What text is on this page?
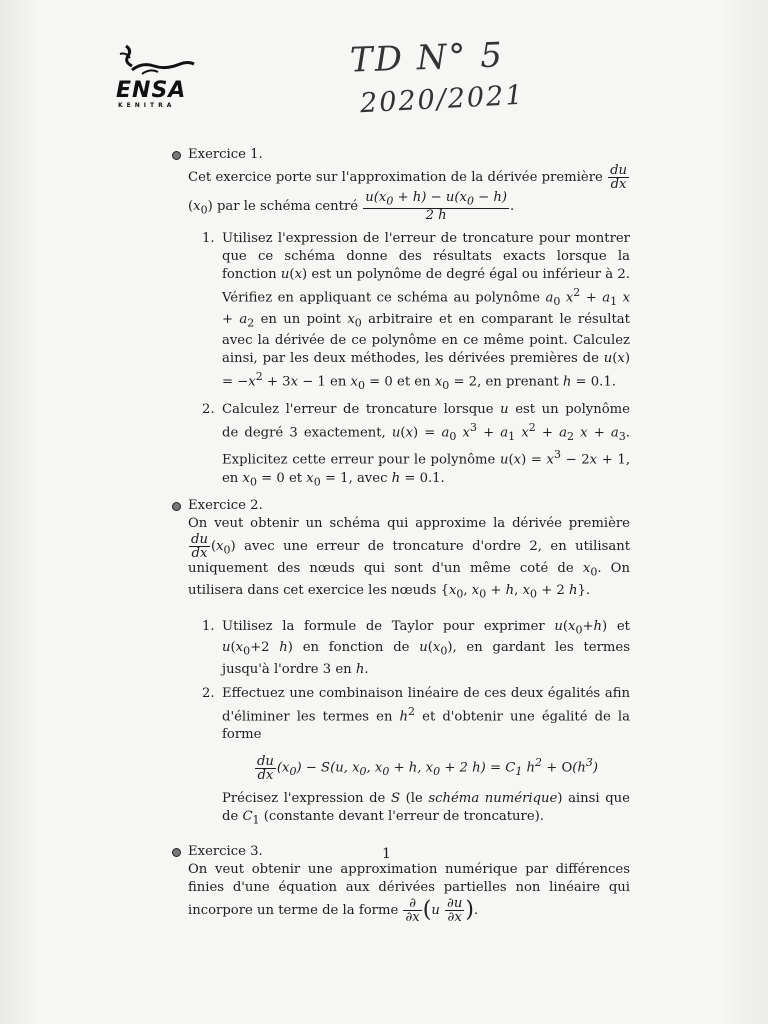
ENSA
KENITRA
TD N° 5
2020/2021
Exercice 1.
Cet exercice porte sur l'approximation de la dérivée première $\frac{du}{dx}$
$(x_0)$ par le schéma centré $\frac{u(x_0 + h) - u(x_0 - h)}{2 h}$ .
1. Utilisez l'expression de l'erreur de troncature pour montrer que ce schéma donne des résultats exacts lorsque la fonction u(x) est un polynôme de degré égal ou inférieur à 2. Vérifiez en appliquant ce schéma au polynôme $a_0$ $x^2 + a_1$ $x + a_2$ en un point $x_0$ arbitraire et en comparant le résultat avec la dérivée de ce polynôme en ce même point. Calculez ainsi, par les deux méthodes, les dérivées premières de $u(x) = -x^2 + 3x - 1$ en $x_0 = 0$ et en $x_0 = 2$, en prenant h = 0.1.
2. Calculez l'erreur de troncature lorsque u est un polynôme de degré 3 exactement, $u(x) = a_0$ $x^3 + a_1$ $x^2 + a_2$ $x + a_3$. Explicitez cette erreur pour le polynôme $u(x) = x^3 - 2x + 1$, en $x_0 = 0$ et $x_0 = 1$, avec h = 0.1.
Exercice 2.
On veut obtenir un schéma qui approxime la dérivée première
$\frac{du}{dx} (x_0)$ avec une erreur de troncature d'ordre 2, en utilisant uniquement des nœuds qui sont d'un même coté de $x_0$. On utilisera dans cet exercice les nœuds {$x_0$, $x_0 + h$, $x_0 + 2$ h}.
1. Utilisez la formule de Taylor pour exprimer $u(x_0+h)$ et $u(x_0+2$ h) en fonction de $u(x_0)$, en gardant les termes jusqu'à l'ordre 3 en h.
2. Effectuez une combinaison linéaire de ces deux égalités afin d'éliminer les termes en $h^2$ et d'obtenir une égalité de la forme
$\frac{du}{dx} (x_0) - S(u$, $x_0$, $x_0 + h$, $x_0 + 2$ $h) = C_1$ $h^2 + O(h^3)$
Précisez l'expression de S (le schéma numérique) ainsi que de $C_1$ (constante devant l'erreur de troncature).
Exercice 3.
On veut obtenir une approximation numérique par différences finies d'une équation aux dérivées partielles non linéaire qui incorpore un terme de la forme $\frac{\partial}{\partial x} (u \frac{\partial u}{\partial x}$ ).
1
